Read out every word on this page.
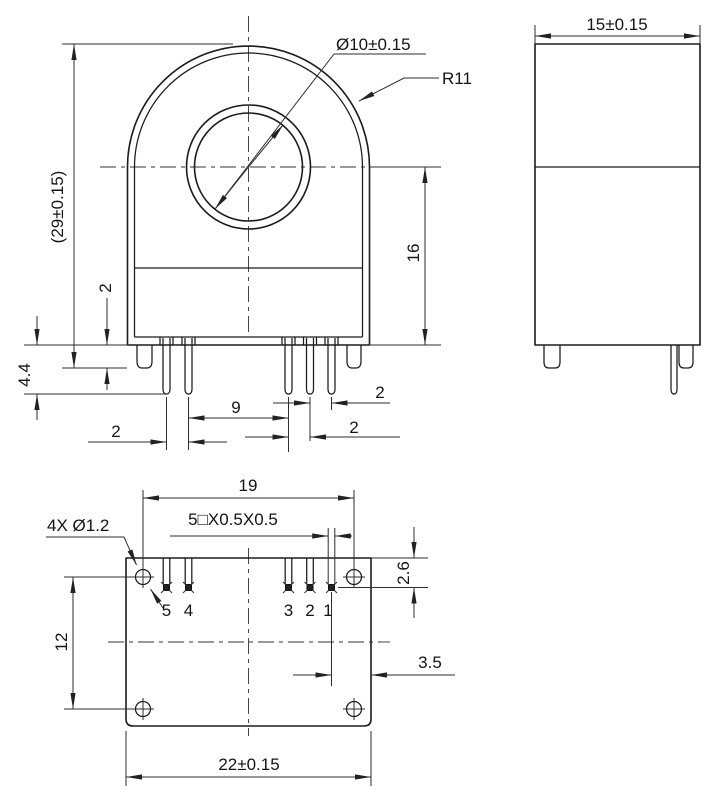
(29±0.15)
2
4.4
16
Ø10±0.15
R11
2
9
2
2
15±0.15
5 4	3 2 1
19
5□X0.5X0.5
4X Ø1.2
2.6
12
3.5
22±0.15
